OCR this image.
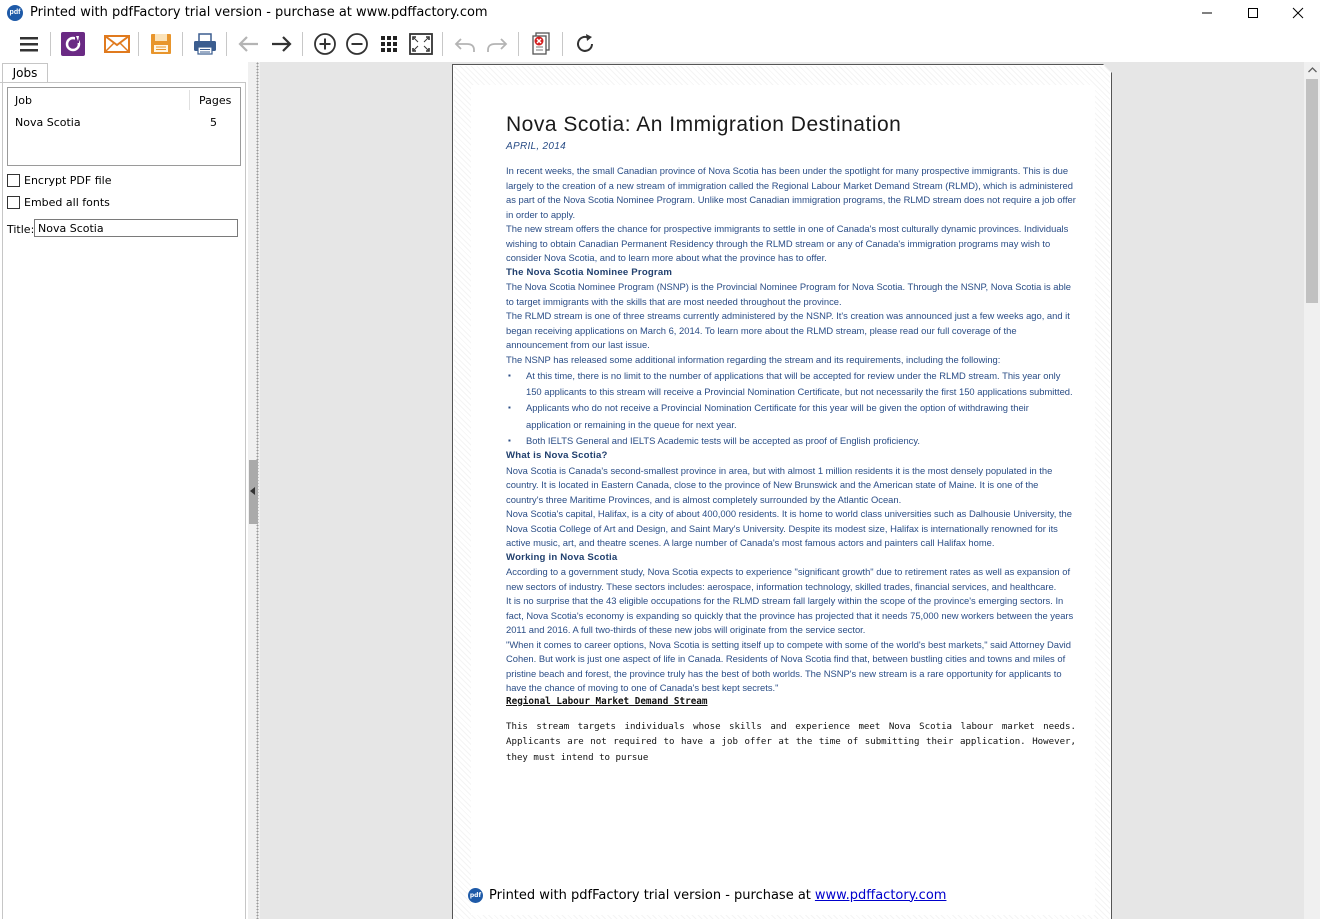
pdf Printed with pdfFactory trial version - purchase at www.pdffactory.com
Jobs
Job	Pages
Nova Scotia	5
Encrypt PDF file
Embed all fonts
Title: Nova Scotia
Nova Scotia: An Immigration Destination
APRIL, 2014

In recent weeks, the small Canadian province of Nova Scotia has been under the spotlight for many prospective immigrants. This is due largely to the creation of a new stream of immigration called the Regional Labour Market Demand Stream (RLMD), which is administered as part of the Nova Scotia Nominee Program. Unlike most Canadian immigration programs, the RLMD stream does not require a job offer in order to apply.

The new stream offers the chance for prospective immigrants to settle in one of Canada's most culturally dynamic provinces. Individuals wishing to obtain Canadian Permanent Residency through the RLMD stream or any of Canada's immigration programs may wish to consider Nova Scotia, and to learn more about what the province has to offer.

The Nova Scotia Nominee Program

The Nova Scotia Nominee Program (NSNP) is the Provincial Nominee Program for Nova Scotia. Through the NSNP, Nova Scotia is able to target immigrants with the skills that are most needed throughout the province.

The RLMD stream is one of three streams currently administered by the NSNP. It's creation was announced just a few weeks ago, and it began receiving applications on March 6, 2014. To learn more about the RLMD stream, please read our full coverage of the announcement from our last issue.

The NSNP has released some additional information regarding the stream and its requirements, including the following:

▪ At this time, there is no limit to the number of applications that will be accepted for review under the RLMD stream. This year only 150 applicants to this stream will receive a Provincial Nomination Certificate, but not necessarily the first 150 applications submitted.
▪ Applicants who do not receive a Provincial Nomination Certificate for this year will be given the option of withdrawing their application or remaining in the queue for next year.
▪ Both IELTS General and IELTS Academic tests will be accepted as proof of English proficiency.

What is Nova Scotia?

Nova Scotia is Canada's second-smallest province in area, but with almost 1 million residents it is the most densely populated in the country. It is located in Eastern Canada, close to the province of New Brunswick and the American state of Maine. It is one of the country's three Maritime Provinces, and is almost completely surrounded by the Atlantic Ocean.

Nova Scotia's capital, Halifax, is a city of about 400,000 residents. It is home to world class universities such as Dalhousie University, the Nova Scotia College of Art and Design, and Saint Mary's University. Despite its modest size, Halifax is internationally renowned for its active music, art, and theatre scenes. A large number of Canada's most famous actors and painters call Halifax home.

Working in Nova Scotia

According to a government study, Nova Scotia expects to experience "significant growth" due to retirement rates as well as expansion of new sectors of industry. These sectors includes: aerospace, information technology, skilled trades, financial services, and healthcare.

It is no surprise that the 43 eligible occupations for the RLMD stream fall largely within the scope of the province's emerging sectors. In fact, Nova Scotia's economy is expanding so quickly that the province has projected that it needs 75,000 new workers between the years 2011 and 2016. A full two-thirds of these new jobs will originate from the service sector.

"When it comes to career options, Nova Scotia is setting itself up to compete with some of the world's best markets," said Attorney David Cohen. But work is just one aspect of life in Canada. Residents of Nova Scotia find that, between bustling cities and towns and miles of pristine beach and forest, the province truly has the best of both worlds. The NSNP's new stream is a rare opportunity for applicants to have the chance of moving to one of Canada's best kept secrets."

Regional Labour Market Demand Stream

This stream targets individuals whose skills and experience meet Nova Scotia labour market needs. Applicants are not required to have a job offer at the time of submitting their application. However, they must intend to pursue

pdf Printed with pdfFactory trial version - purchase at www.pdffactory.com
